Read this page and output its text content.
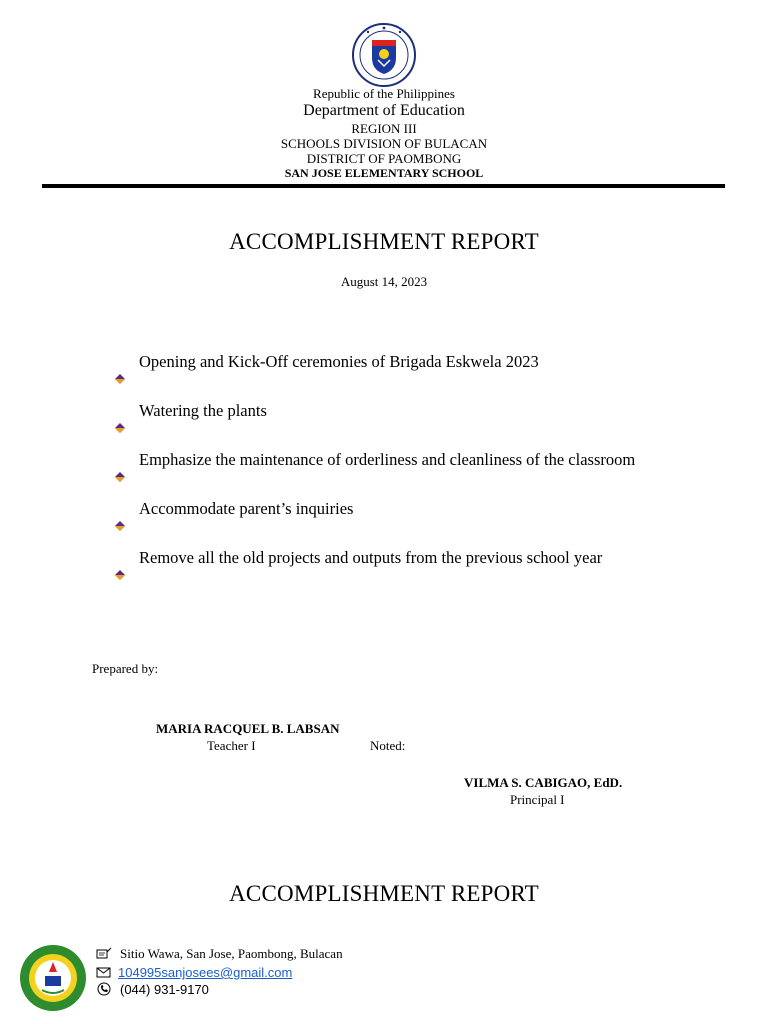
Republic of the Philippines
Department of Education
REGION III
SCHOOLS DIVISION OF BULACAN
DISTRICT OF PAOMBONG
SAN JOSE ELEMENTARY SCHOOL
ACCOMPLISHMENT REPORT
August 14, 2023
Opening and Kick-Off ceremonies of Brigada Eskwela 2023
Watering the plants
Emphasize the maintenance of orderliness and cleanliness of the classroom
Accommodate parent’s inquiries
Remove all the old projects and outputs from the previous school year
Prepared by:
MARIA RACQUEL B. LABSAN
Teacher I	Noted:
VILMA S. CABIGAO, EdD.
Principal I
ACCOMPLISHMENT REPORT
Sitio Wawa, San Jose, Paombong, Bulacan
104995sanjosees@gmail.com
(044) 931-9170
